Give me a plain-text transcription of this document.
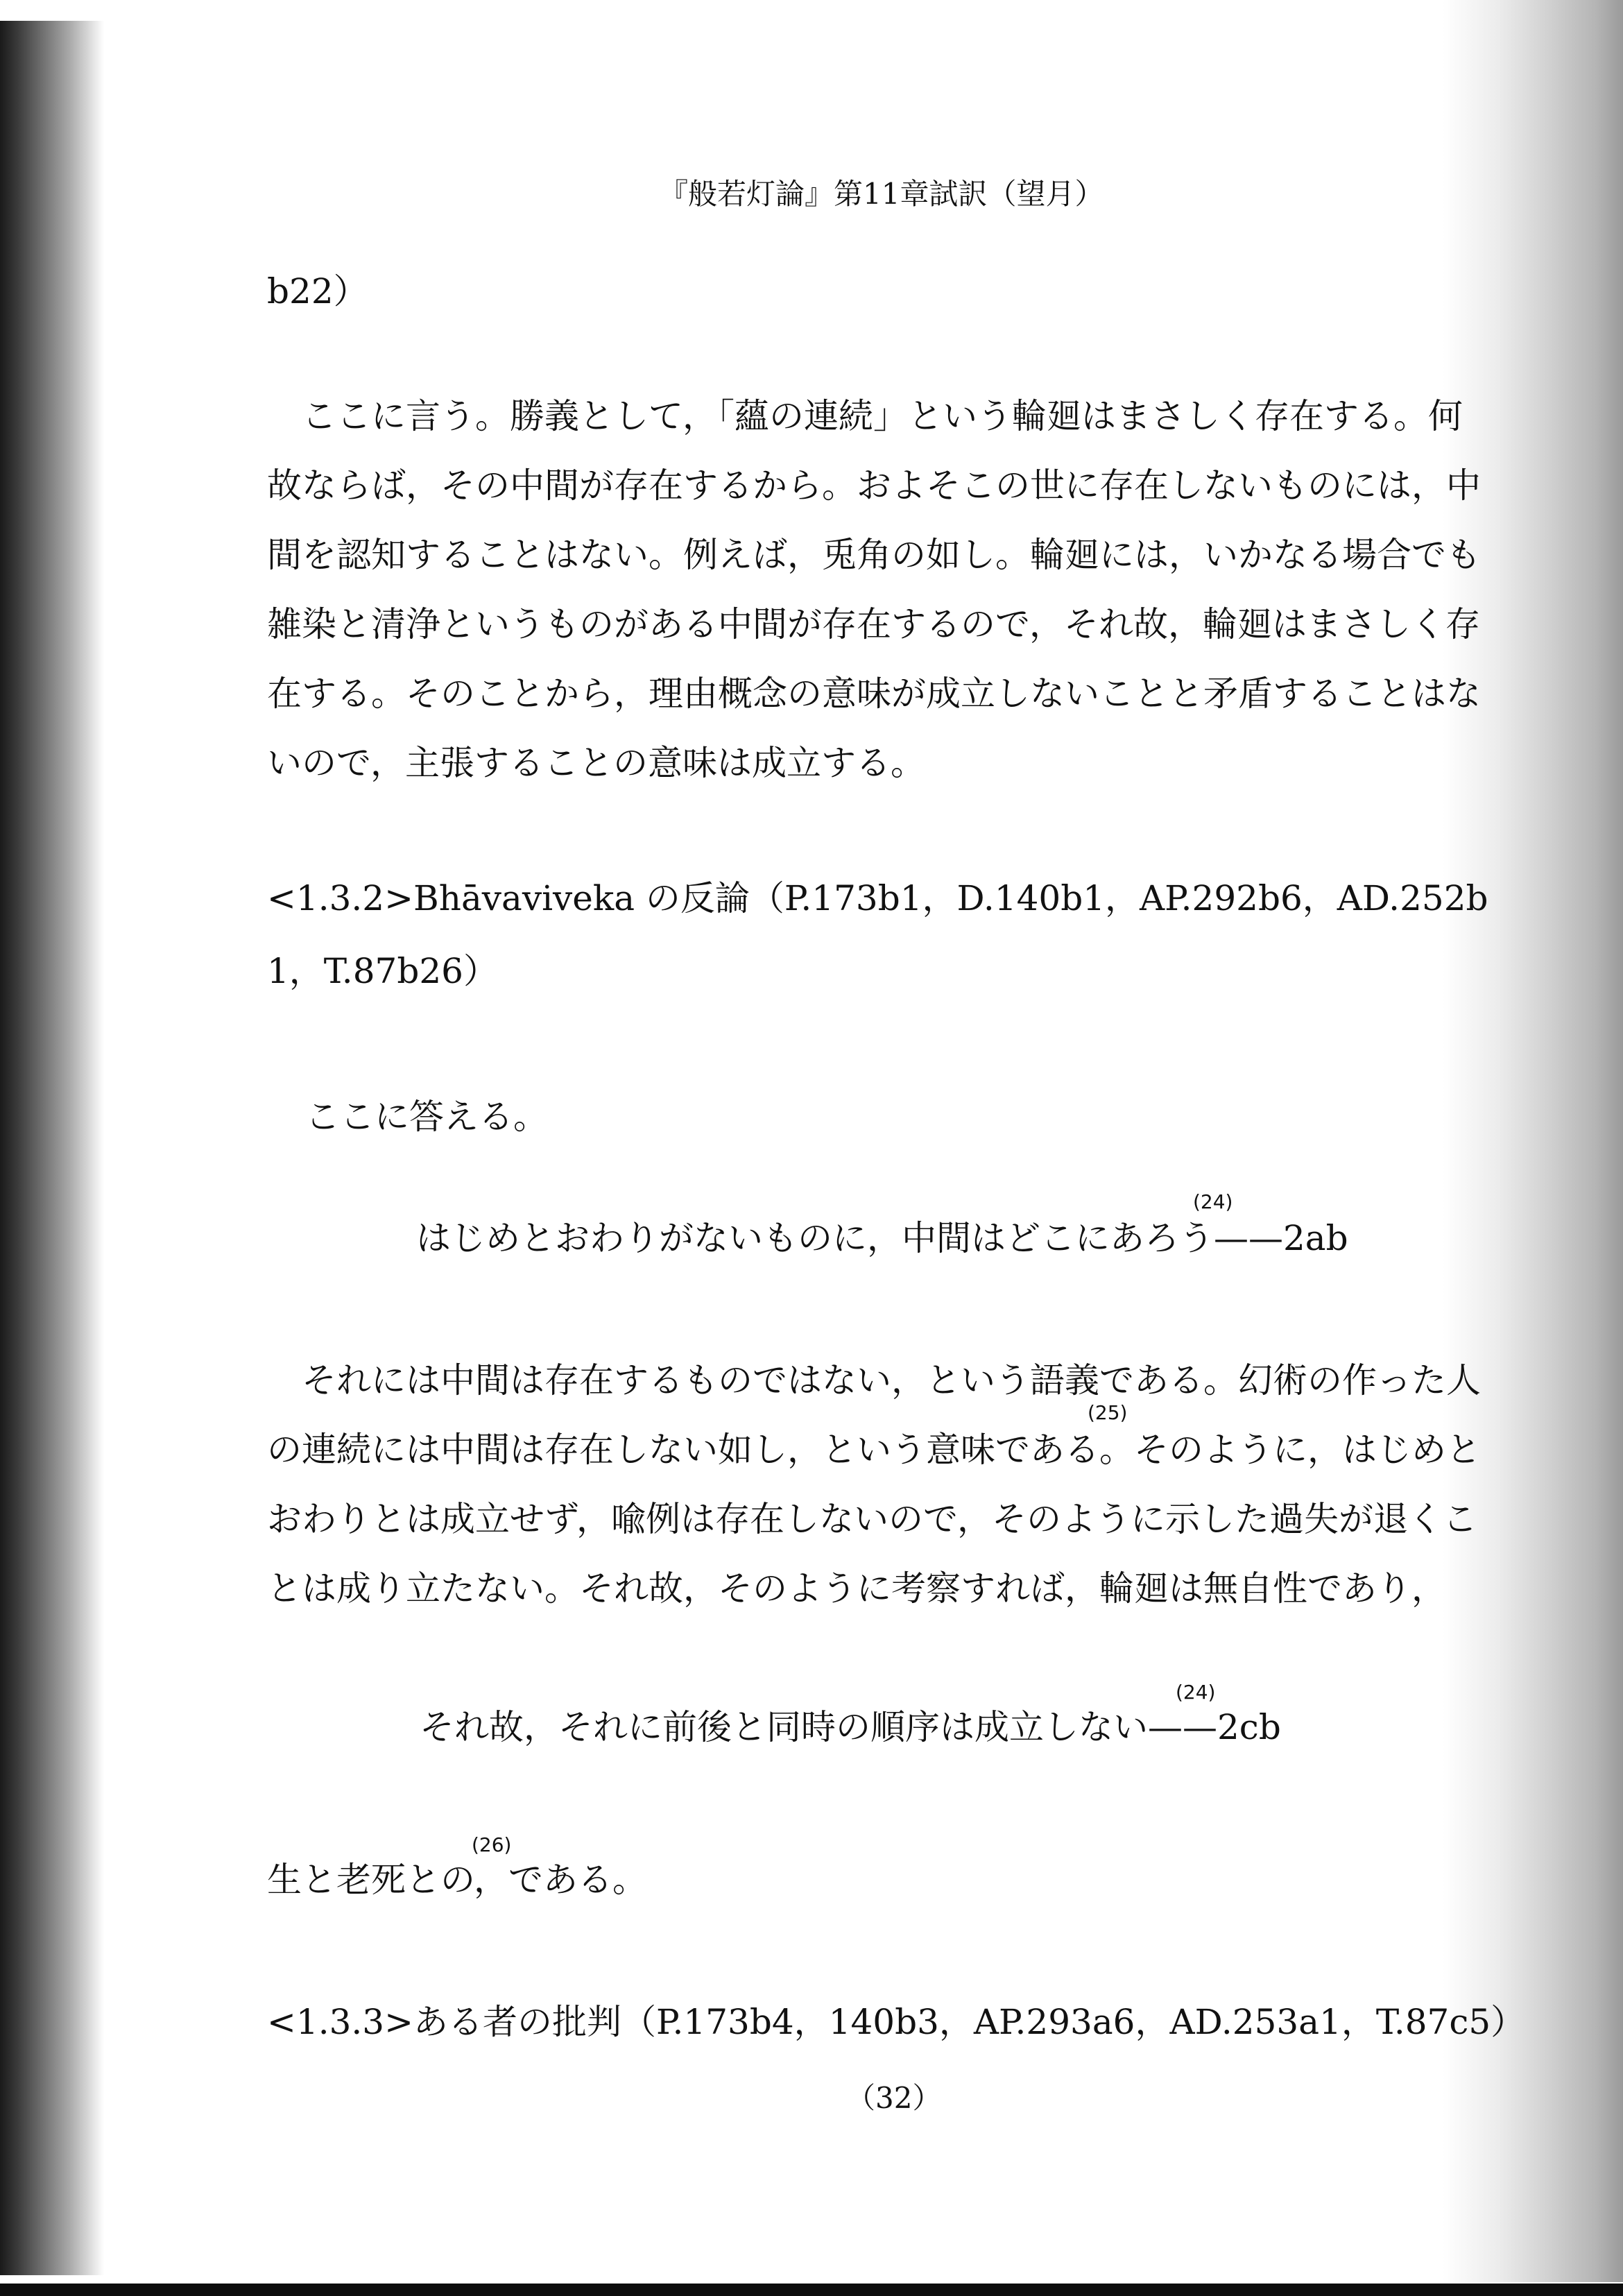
『般若灯論』第11章試訳（望月）
b22）
ここに言う。勝義として，「蘊の連続」という輪廻はまさしく存在する。何
故ならば，その中間が存在するから。およそこの世に存在しないものには，中
間を認知することはない。例えば，兎角の如し。輪廻には，いかなる場合でも
雑染と清浄というものがある中間が存在するので，それ故，輪廻はまさしく存
在する。そのことから，理由概念の意味が成立しないことと矛盾することはな
いので，主張することの意味は成立する。
<1.3.2>Bhāvaviveka の反論（P.173b1，D.140b1，AP.292b6，AD.252b
1，T.87b26）
ここに答える。
はじめとおわりがないものに，中間はどこにあろう——2ab
(24)
それには中間は存在するものではない，という語義である。幻術の作った人
の連続には中間は存在しない如し，という意味である。そのように，はじめと
(25)
おわりとは成立せず，喩例は存在しないので，そのように示した過失が退くこ
とは成り立たない。それ故，そのように考察すれば，輪廻は無自性であり，
それ故，それに前後と同時の順序は成立しない——2cb
(24)
生と老死との，である。
(26)
<1.3.3>ある者の批判（P.173b4，140b3，AP.293a6，AD.253a1，T.87c5）
（32）
